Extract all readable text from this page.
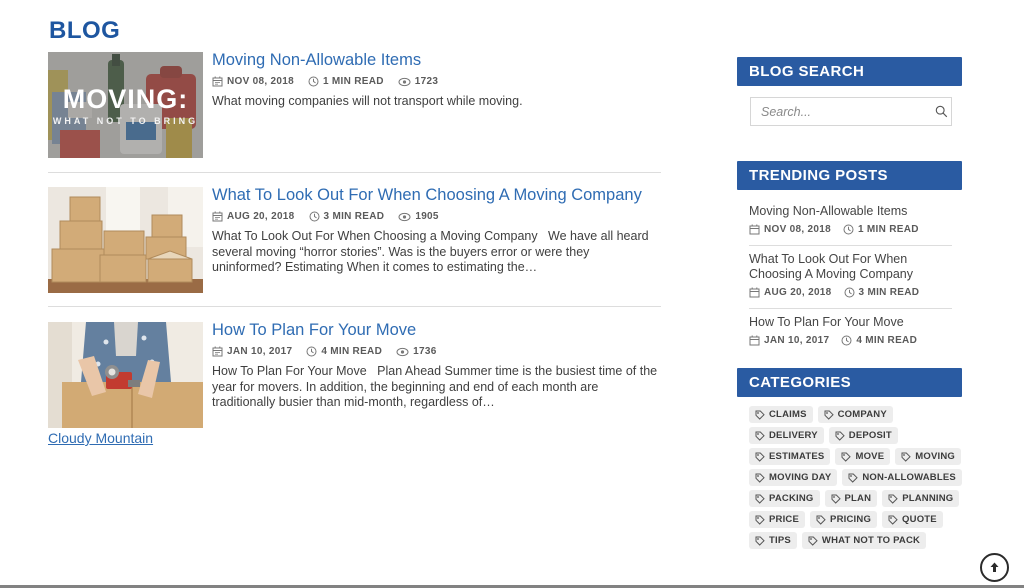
BLOG
MOVING:
WHAT NOT TO BRING
Moving Non-Allowable Items
NOV 08, 2018	1 MIN READ	1723
What moving companies will not transport while moving.
What To Look Out For When Choosing A Moving Company
AUG 20, 2018	3 MIN READ	1905
What To Look Out For When Choosing a Moving Company   We have all heard several moving “horror stories”. Was is the buyers error or were they uninformed? Estimating When it comes to estimating the…
How To Plan For Your Move
JAN 10, 2017	4 MIN READ	1736
How To Plan For Your Move   Plan Ahead Summer time is the busiest time of the year for movers. In addition, the beginning and end of each month are traditionally busier than mid-month, regardless of…
Cloudy Mountain
BLOG SEARCH
Search...
TRENDING POSTS
Moving Non-Allowable Items
NOV 08, 2018	1 MIN READ
What To Look Out For When Choosing A Moving Company
AUG 20, 2018	3 MIN READ
How To Plan For Your Move
JAN 10, 2017	4 MIN READ
CATEGORIES
CLAIMS	COMPANY
DELIVERY	DEPOSIT
ESTIMATES	MOVE	MOVING
MOVING DAY	NON-ALLOWABLES
PACKING	PLAN	PLANNING
PRICE	PRICING	QUOTE
TIPS	WHAT NOT TO PACK
